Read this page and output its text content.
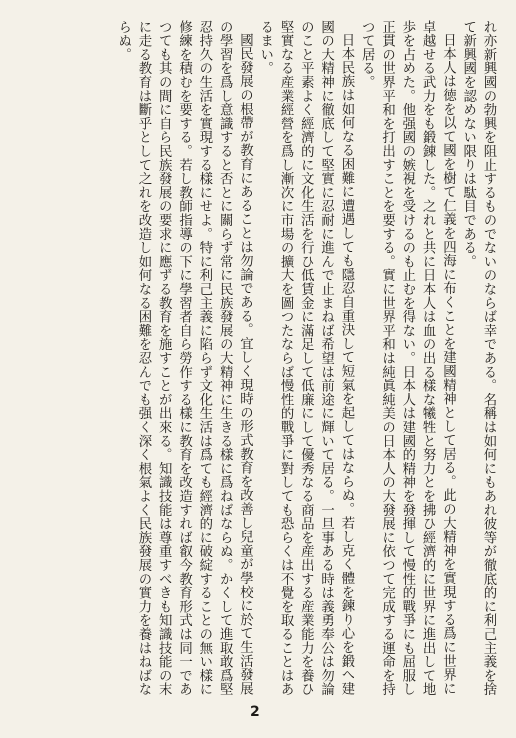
れ亦新興國の勃興を阻止するものでないのならば幸である。名稱は如何にもあれ彼等が徹底的に利己主義を捨て新興國を認めない限りは駄目である。

日本人は徳を以て國を樹て仁義を四海に布くことを建國精神として居る。此の大精神を實現する爲に世界に卓越せる武力をも鍛錬した。之れと共に日本人は血の出る樣な犧牲と努力とを拂ひ經濟的に世界に進出して地歩を占めた。他强國の嫉視を受けるのも止むを得ない。日本人は建國的精神を發揮して慢性的戰爭にも屈服し正貫の世界平和を打出すことを要する。實に世界平和は純眞純美の日本人の大發展に依つて完成する運命を持つて居る。

日本民族は如何なる困難に遭遇しても隱忍自重決して短氣を起してはならぬ。若し克く體を鍊り心を鍛へ建國の大精神に徹底して堅實に忍耐に進んで止まねば希望は前途に輝いて居る。一旦事ある時は義勇奉公は勿論のこと平素よく經濟的に文化生活を行ひ低賃金に滿足して低廉にして優秀なる商品を産出する産業能力を養ひ堅實なる産業經營を爲し漸次に市場の擴大を圖つたならば慢性的戰爭に對しても恐らくは不覺を取ることはあるまい。

國民發展の根帶が教育にあることは勿論である。宜しく現時の形式教育を改善し兒童が學校に於て生活發展の學習を爲し意識すると否とに關らず常に民族發展の大精神に生きる樣に爲ねばならぬ。かくして進取敢爲堅忍持久の生活を實現する樣にせよ。特に利己主義に陷らず文化生活は爲ても經濟的に破綻することの無い樣に修練を積むを要する。若し教師指導の下に學習者自ら勞作する樣に教育を改造すれば叡今教育形式は同一であつても其の間に自ら民族發展の要求に應ずる教育を施すことが出來る。知識技能は尊重すべきも知識技能の末に走る教育は斷乎として之れを改造し如何なる困難を忍んでも强く深く根氣よく民族發展の實力を養はねばならぬ。

2
